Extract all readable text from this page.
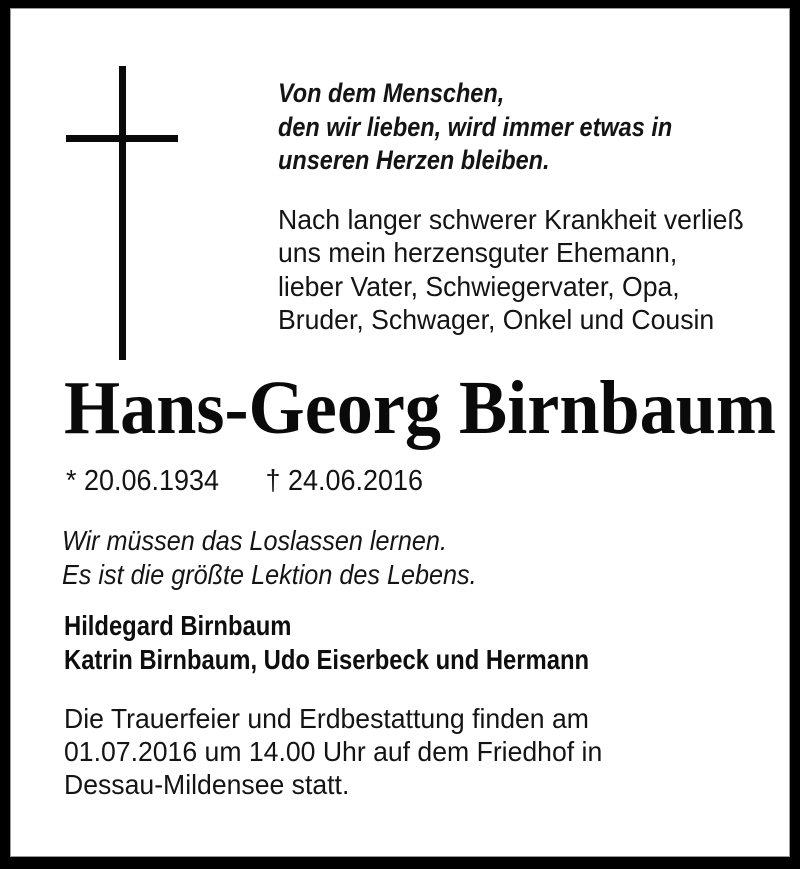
Von dem Menschen,
den wir lieben, wird immer etwas in
unseren Herzen bleiben.
Nach langer schwerer Krankheit verließ
uns mein herzensguter Ehemann,
lieber Vater, Schwiegervater, Opa,
Bruder, Schwager, Onkel und Cousin
Hans-Georg Birnbaum
* 20.06.1934 † 24.06.2016
Wir müssen das Loslassen lernen.
Es ist die größte Lektion des Lebens.
Hildegard Birnbaum
Katrin Birnbaum, Udo Eiserbeck und Hermann
Die Trauerfeier und Erdbestattung finden am
01.07.2016 um 14.00 Uhr auf dem Friedhof in
Dessau-Mildensee statt.
